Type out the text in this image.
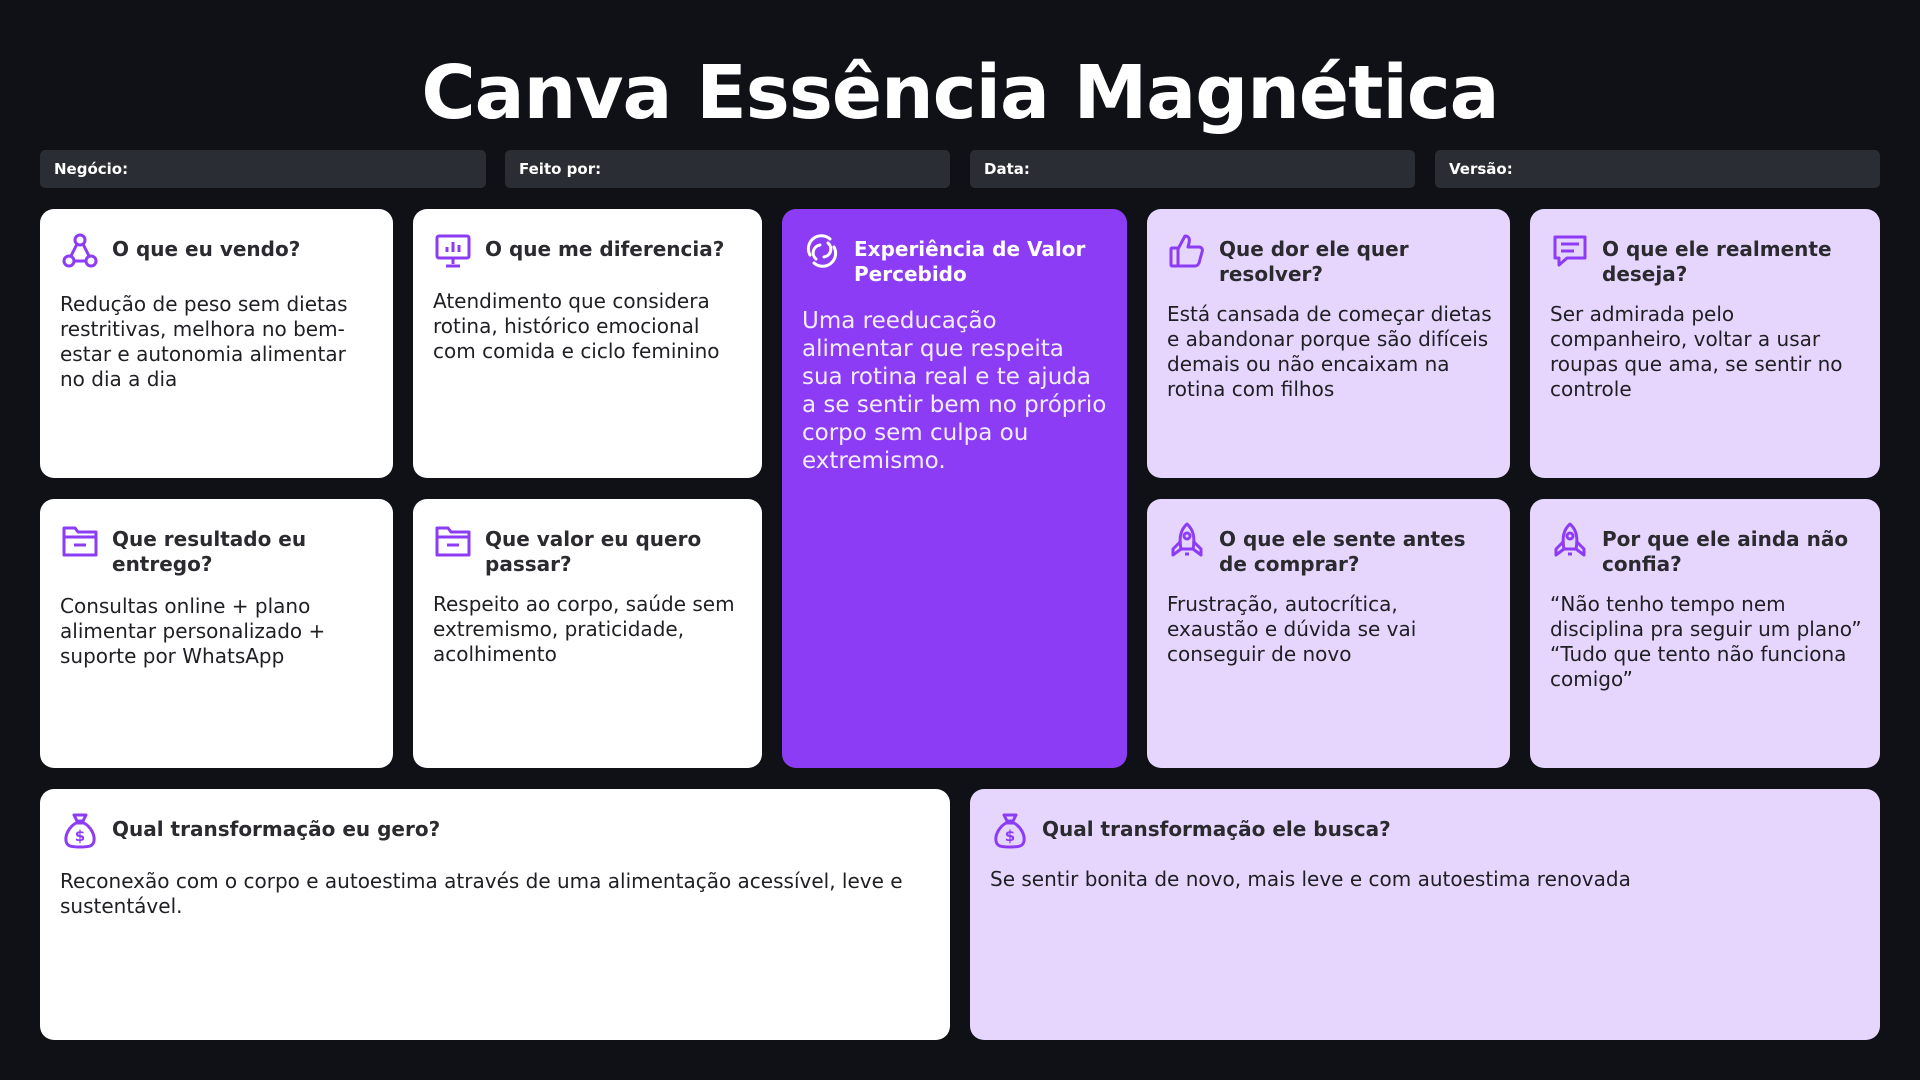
Canva Essência Magnética
Negócio:	Feito por:	Data:	Versão:
O que eu vendo?
Redução de peso sem dietas restritivas, melhora no bem-estar e autonomia alimentar no dia a dia
O que me diferencia?
Atendimento que considera rotina, histórico emocional com comida e ciclo feminino
Experiência de Valor Percebido
Uma reeducação alimentar que respeita sua rotina real e te ajuda a se sentir bem no próprio corpo sem culpa ou extremismo.
Que dor ele quer resolver?
Está cansada de começar dietas e abandonar porque são difíceis demais ou não encaixam na rotina com filhos
O que ele realmente deseja?
Ser admirada pelo companheiro, voltar a usar roupas que ama, se sentir no controle
Que resultado eu entrego?
Consultas online + plano alimentar personalizado + suporte por WhatsApp
Que valor eu quero passar?
Respeito ao corpo, saúde sem extremismo, praticidade, acolhimento
O que ele sente antes de comprar?
Frustração, autocrítica, exaustão e dúvida se vai conseguir de novo
Por que ele ainda não confia?
“Não tenho tempo nem disciplina pra seguir um plano” “Tudo que tento não funciona comigo”
$ Qual transformação eu gero?
Reconexão com o corpo e autoestima através de uma alimentação acessível, leve e sustentável.
$ Qual transformação ele busca?
Se sentir bonita de novo, mais leve e com autoestima renovada
